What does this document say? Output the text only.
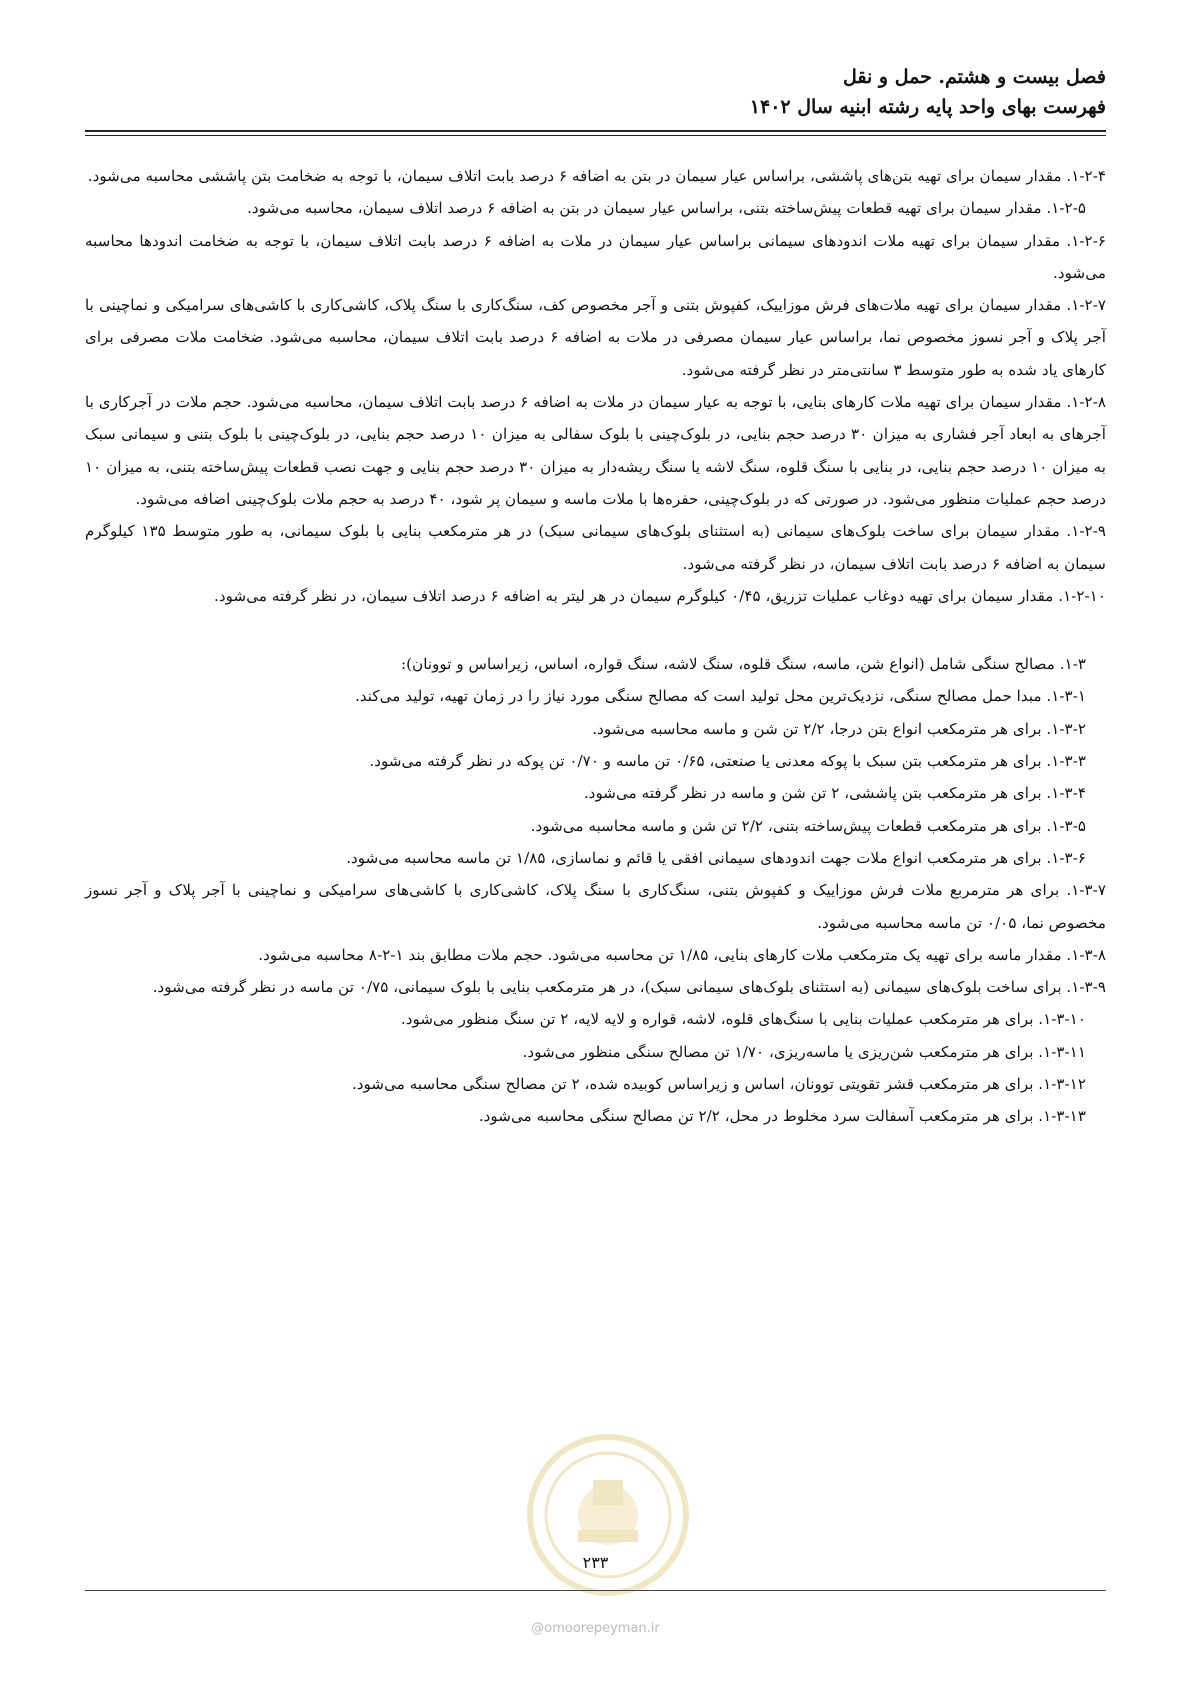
فصل بیست و هشتم. حمل و نقل
فهرست بهای واحد پایه رشته ابنیه سال ۱۴۰۲

۱-۲-۴. مقدار سیمان برای تهیه بتن‌های پاششی، براساس عیار سیمان در بتن به اضافه ۶ درصد بابت اتلاف سیمان، با توجه به ضخامت بتن پاششی محاسبه می‌شود.

۱-۲-۵. مقدار سیمان برای تهیه قطعات پیش‌ساخته بتنی، براساس عیار سیمان در بتن به اضافه ۶ درصد اتلاف سیمان، محاسبه می‌شود.

۱-۲-۶. مقدار سیمان برای تهیه ملات اندودهای سیمانی براساس عیار سیمان در ملات به اضافه ۶ درصد بابت اتلاف سیمان، با توجه به ضخامت اندودها محاسبه می‌شود.

۱-۲-۷. مقدار سیمان برای تهیه ملات‌های فرش موزاییک، کفپوش بتنی و آجر مخصوص کف، سنگ‌کاری با سنگ پلاک، کاشی‌کاری با کاشی‌های سرامیکی و نماچینی با آجر پلاک و آجر نسوز مخصوص نما، براساس عیار سیمان مصرفی در ملات به اضافه ۶ درصد بابت اتلاف سیمان، محاسبه می‌شود. ضخامت ملات مصرفی برای کارهای یاد شده به طور متوسط ۳ سانتی‌متر در نظر گرفته می‌شود.

۱-۲-۸. مقدار سیمان برای تهیه ملات کارهای بنایی، با توجه به عیار سیمان در ملات به اضافه ۶ درصد بابت اتلاف سیمان، محاسبه می‌شود. حجم ملات در آجرکاری با آجرهای به ابعاد آجر فشاری به میزان ۳۰ درصد حجم بنایی، در بلوک‌چینی با بلوک سفالی به میزان ۱۰ درصد حجم بنایی، در بلوک‌چینی با بلوک بتنی و سیمانی سبک به میزان ۱۰ درصد حجم بنایی، در بنایی با سنگ قلوه، سنگ لاشه یا سنگ ریشه‌دار به میزان ۳۰ درصد حجم بنایی و جهت نصب قطعات پیش‌ساخته بتنی، به میزان ۱۰ درصد حجم عملیات منظور می‌شود. در صورتی که در بلوک‌چینی، حفره‌ها با ملات ماسه و سیمان پر شود، ۴۰ درصد به حجم ملات بلوک‌چینی اضافه می‌شود.

۱-۲-۹. مقدار سیمان برای ساخت بلوک‌های سیمانی (به استثنای بلوک‌های سیمانی سبک) در هر مترمکعب بنایی با بلوک سیمانی، به طور متوسط ۱۳۵ کیلوگرم سیمان به اضافه ۶ درصد بابت اتلاف سیمان، در نظر گرفته می‌شود.

۱-۲-۱۰. مقدار سیمان برای تهیه دوغاب عملیات تزریق، ۰/۴۵ کیلوگرم سیمان در هر لیتر به اضافه ۶ درصد اتلاف سیمان، در نظر گرفته می‌شود.

۱-۳. مصالح سنگی شامل (انواع شن، ماسه، سنگ قلوه، سنگ لاشه، سنگ قواره، اساس، زیراساس و توونان):

۱-۳-۱. مبدا حمل مصالح سنگی، نزدیک‌ترین محل تولید است که مصالح سنگی مورد نیاز را در زمان تهیه، تولید می‌کند.

۱-۳-۲. برای هر مترمکعب انواع بتن درجا، ۲/۲ تن شن و ماسه محاسبه می‌شود.

۱-۳-۳. برای هر مترمکعب بتن سبک با پوکه معدنی یا صنعتی، ۰/۶۵ تن ماسه و ۰/۷۰ تن پوکه در نظر گرفته می‌شود.

۱-۳-۴. برای هر مترمکعب بتن پاششی، ۲ تن شن و ماسه در نظر گرفته می‌شود.

۱-۳-۵. برای هر مترمکعب قطعات پیش‌ساخته بتنی، ۲/۲ تن شن و ماسه محاسبه می‌شود.

۱-۳-۶. برای هر مترمکعب انواع ملات جهت اندودهای سیمانی افقی یا قائم و نماسازی، ۱/۸۵ تن ماسه محاسبه می‌شود.

۱-۳-۷. برای هر مترمربع ملات فرش موزاییک و کفپوش بتنی، سنگ‌کاری با سنگ پلاک، کاشی‌کاری با کاشی‌های سرامیکی و نماچینی با آجر پلاک و آجر نسوز مخصوص نما، ۰/۰۵ تن ماسه محاسبه می‌شود.

۱-۳-۸. مقدار ماسه برای تهیه یک مترمکعب ملات کارهای بنایی، ۱/۸۵ تن محاسبه می‌شود. حجم ملات مطابق بند ۱-۲-۸ محاسبه می‌شود.

۱-۳-۹. برای ساخت بلوک‌های سیمانی (به استثنای بلوک‌های سیمانی سبک)، در هر مترمکعب بنایی با بلوک سیمانی، ۰/۷۵ تن ماسه در نظر گرفته می‌شود.

۱-۳-۱۰. برای هر مترمکعب عملیات بنایی با سنگ‌های قلوه، لاشه، قواره و لایه لایه، ۲ تن سنگ منظور می‌شود.

۱-۳-۱۱. برای هر مترمکعب شن‌ریزی یا ماسه‌ریزی، ۱/۷۰ تن مصالح سنگی منظور می‌شود.

۱-۳-۱۲. برای هر مترمکعب قشر تقویتی توونان، اساس و زیراساس کوبیده شده، ۲ تن مصالح سنگی محاسبه می‌شود.

۱-۳-۱۳. برای هر مترمکعب آسفالت سرد مخلوط در محل، ۲/۲ تن مصالح سنگی محاسبه می‌شود.

۲۳۳
@omoorepeyman.ir
